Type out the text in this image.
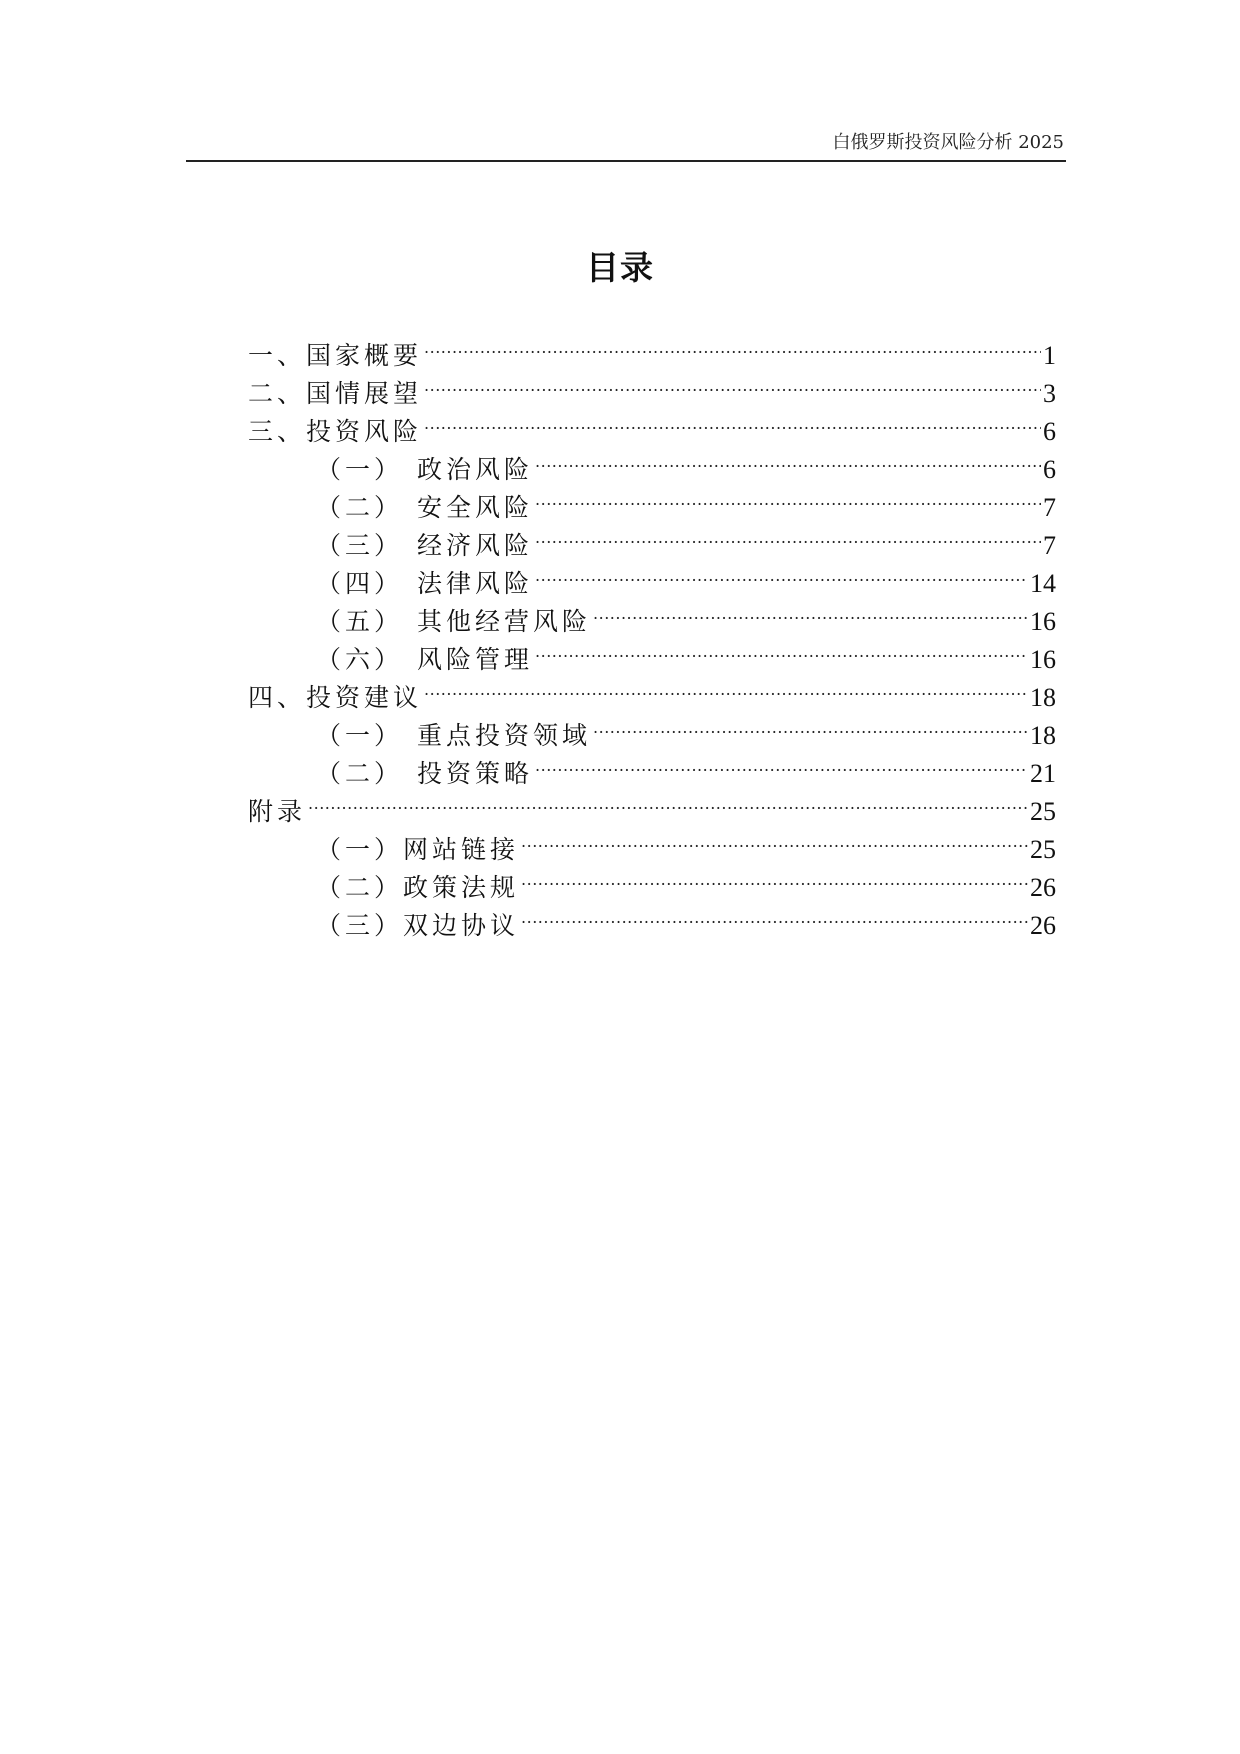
白俄罗斯投资风险分析 2025
目录
一、国家概要 .....	1
二、国情展望 .....	3
三、投资风险 .....	6
（一） 政治风险 .....	6
（二） 安全风险 .....	7
（三） 经济风险 .....	7
（四） 法律风险 .....	14
（五） 其他经营风险 .....	16
（六） 风险管理 .....	16
四、投资建议 .....	18
（一） 重点投资领域 .....	18
（二） 投资策略 .....	21
附录 .....	25
（一）网站链接 .....	25
（二）政策法规 .....	26
（三）双边协议 .....	26
